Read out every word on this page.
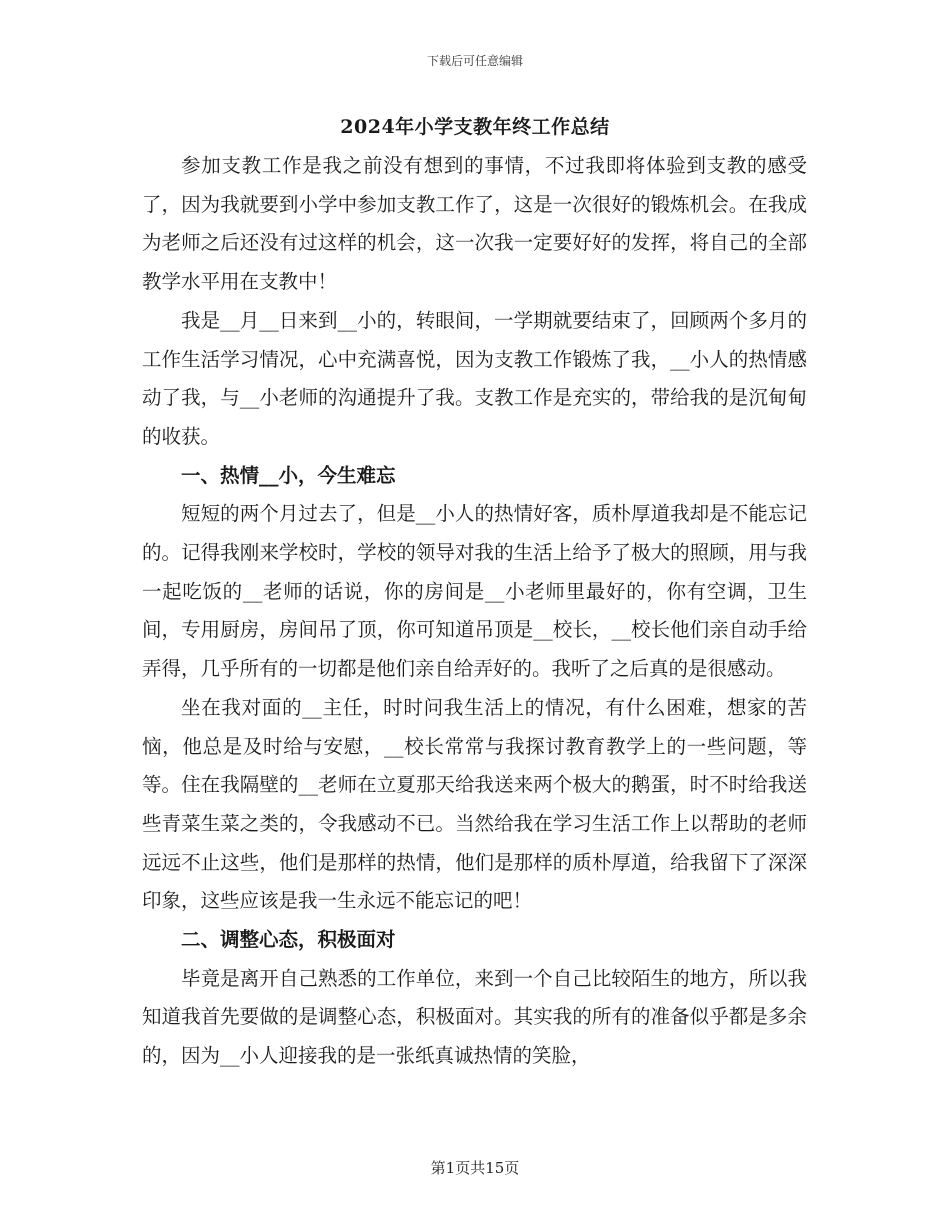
下载后可任意编辑
2024年小学支教年终工作总结

参加支教工作是我之前没有想到的事情，不过我即将体验到支教的感受了，因为我就要到小学中参加支教工作了，这是一次很好的锻炼机会。在我成为老师之后还没有过这样的机会，这一次我一定要好好的发挥，将自己的全部教学水平用在支教中！

我是__月__日来到__小的，转眼间，一学期就要结束了，回顾两个多月的工作生活学习情况，心中充满喜悦，因为支教工作锻炼了我，__小人的热情感动了我，与__小老师的沟通提升了我。支教工作是充实的，带给我的是沉甸甸的收获。

一、热情__小，今生难忘

短短的两个月过去了，但是__小人的热情好客，质朴厚道我却是不能忘记的。记得我刚来学校时，学校的领导对我的生活上给予了极大的照顾，用与我一起吃饭的__老师的话说，你的房间是__小老师里最好的，你有空调，卫生间，专用厨房，房间吊了顶，你可知道吊顶是__校长，__校长他们亲自动手给弄得，几乎所有的一切都是他们亲自给弄好的。我听了之后真的是很感动。

坐在我对面的__主任，时时问我生活上的情况，有什么困难，想家的苦恼，他总是及时给与安慰，__校长常常与我探讨教育教学上的一些问题，等等。住在我隔壁的__老师在立夏那天给我送来两个极大的鹅蛋，时不时给我送些青菜生菜之类的，令我感动不已。当然给我在学习生活工作上以帮助的老师远远不止这些，他们是那样的热情，他们是那样的质朴厚道，给我留下了深深印象，这些应该是我一生永远不能忘记的吧！

二、调整心态，积极面对

毕竟是离开自己熟悉的工作单位，来到一个自己比较陌生的地方，所以我知道我首先要做的是调整心态，积极面对。其实我的所有的准备似乎都是多余的，因为__小人迎接我的是一张纸真诚热情的笑脸，

第1页共15页
